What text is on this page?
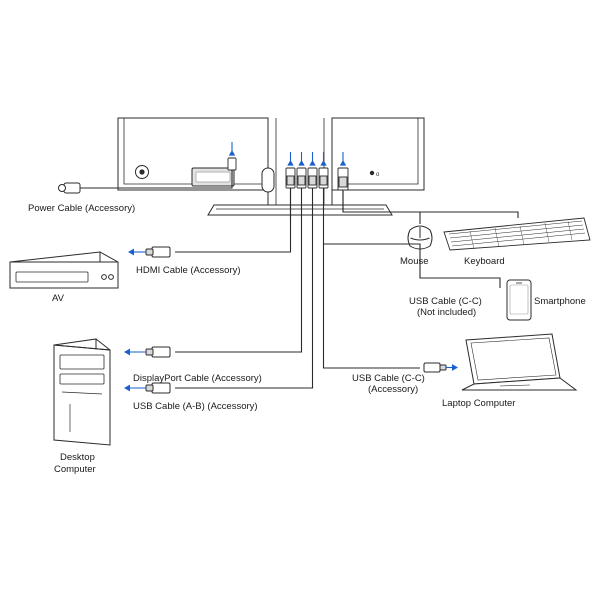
o
Power Cable (Accessory)
HDMI Cable (Accessory)
AV
Mouse	Keyboard
USB Cable (C-C)
(Not included)
Smartphone
DisplayPort Cable (Accessory)
USB Cable (A-B) (Accessory)
USB Cable (C-C)
(Accessory)
Laptop Computer
Desktop
Computer
